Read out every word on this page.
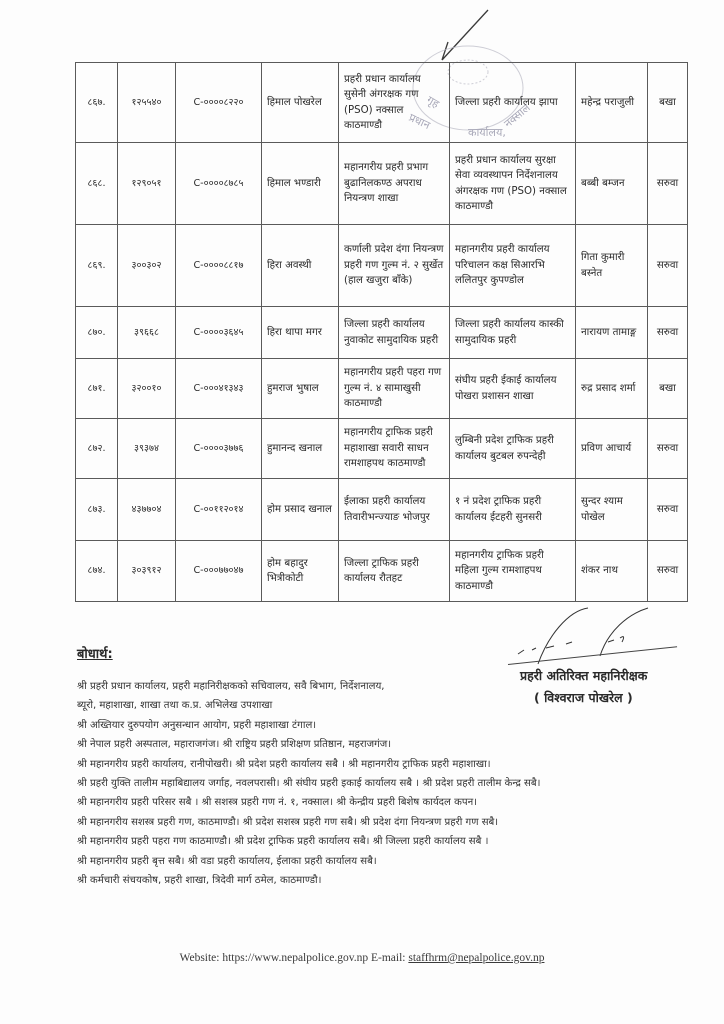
गृह
प्रधान
कार्यालय,
नक्साल
८६७.	१२५५४०	C-००००८२२०	हिमाल पोखरेल	प्रहरी प्रधान कार्यालय सुसेनी अंगरक्षक गण (PSO) नक्साल काठमाण्डौ	जिल्ला प्रहरी कार्यालय झापा	महेन्द्र पराजुली	बखा
८६८.	१२९०५१	C-००००८७८५	हिमाल भण्डारी	महानगरीय प्रहरी प्रभाग बुढानिलकण्ठ अपराध नियन्त्रण शाखा	प्रहरी प्रधान कार्यालय सुरक्षा सेवा व्यवस्थापन निर्देशनालय अंगरक्षक गण (PSO) नक्साल काठमाण्डौ	बब्बी बम्जन	सरुवा
८६९.	३००३०२	C-००००८८१७	हिरा अवस्थी	कर्णाली प्रदेश दंगा नियन्त्रण प्रहरी गण गुल्म नं. २ सुर्खेत (हाल खजुरा बाँके)	महानगरीय प्रहरी कार्यालय परिचालन कक्ष सिआरभि ललितपुर कुपण्डोल	गिता कुमारी बस्नेत	सरुवा
८७०.	३९६६८	C-००००३६४५	हिरा थापा मगर	जिल्ला प्रहरी कार्यालय नुवाकोट सामुदायिक प्रहरी	जिल्ला प्रहरी कार्यालय कास्की सामुदायिक प्रहरी	नारायण तामाङ्ग	सरुवा
८७१.	३२००१०	C-०००४१३४३	हुमराज भुषाल	महानगरीय प्रहरी पहरा गण गुल्म नं. ४ सामाखुसी काठमाण्डौ	संघीय प्रहरी ईकाई कार्यालय पोखरा प्रशासन शाखा	रुद्र प्रसाद शर्मा	बखा
८७२.	३९३७४	C-००००३७७६	हुमानन्द खनाल	महानगरीय ट्राफिक प्रहरी महाशाखा सवारी साधन रामशाहपथ काठमाण्डौ	लुम्बिनी प्रदेश ट्राफिक प्रहरी कार्यालय बुटबल रुपन्देही	प्रविण आचार्य	सरुवा
८७३.	४३७७०४	C-००११२०१४	होम प्रसाद खनाल	ईलाका प्रहरी कार्यालय तिवारीभन्ज्याङ भोजपुर	१ नं प्रदेश ट्राफिक प्रहरी कार्यालय ईटहरी सुनसरी	सुन्दर श्याम पोखेल	सरुवा
८७४.	३०३९१२	C-०००७७०४७	होम बहादुर भित्रीकोटी	जिल्ला ट्राफिक प्रहरी कार्यालय रौतहट	महानगरीय ट्राफिक प्रहरी महिला गुल्म रामशाहपथ काठमाण्डौ	शंकर नाथ	सरुवा
प्रहरी अतिरिक्त महानिरीक्षक
( विश्वराज पोखरेल )
बोधार्थ:
श्री प्रहरी प्रधान कार्यालय, प्रहरी महानिरीक्षकको सचिवालय, सवै बिभाग, निर्देशनालय,
ब्यूरो, महाशाखा, शाखा तथा क.प्र. अभिलेख उपशाखा
श्री अख्तियार दुरुपयोग अनुसन्धान आयोग, प्रहरी महाशाखा टंगाल।
श्री नेपाल प्रहरी अस्पताल, महाराजगंज। श्री राष्ट्रिय प्रहरी प्रशिक्षण प्रतिष्ठान, महराजगंज।
श्री महानगरीय प्रहरी कार्यालय, रानीपोखरी। श्री प्रदेश प्रहरी कार्यालय सबै । श्री महानगरीय ट्राफिक प्रहरी महाशाखा।
श्री प्रहरी युक्ति तालीम महाबिद्यालय जर्गाह, नवलपरासी। श्री संघीय प्रहरी इकाई कार्यालय सबै । श्री प्रदेश प्रहरी तालीम केन्द्र सबै।
श्री महानगरीय प्रहरी परिसर सबै । श्री सशस्त्र प्रहरी गण नं. १, नक्साल। श्री केन्द्रीय प्रहरी बिशेष कार्यदल कपन।
श्री महानगरीय सशस्त्र प्रहरी गण, काठमाण्डौ। श्री प्रदेश सशस्त्र प्रहरी गण सबै। श्री प्रदेश दंगा नियन्त्रण प्रहरी गण सबै।
श्री महानगरीय प्रहरी पहरा गण काठमाण्डौ। श्री प्रदेश ट्राफिक प्रहरी कार्यालय सबै। श्री जिल्ला प्रहरी कार्यालय सबै ।
श्री महानगरीय प्रहरी बृत्त सबै। श्री वडा प्रहरी कार्यालय, ईलाका प्रहरी कार्यालय सबै।
श्री कर्मचारी संचयकोष, प्रहरी शाखा, त्रिदेवी मार्ग ठमेल, काठमाण्डौ।
Website: https://www.nepalpolice.gov.np E-mail: staffhrm@nepalpolice.gov.np
